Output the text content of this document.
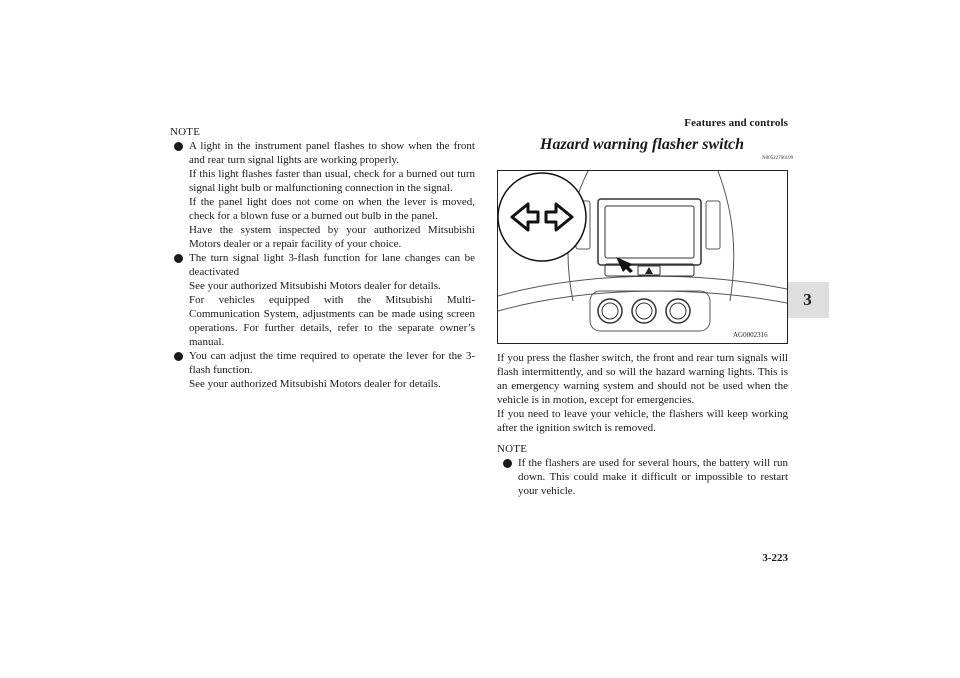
Features and controls
3
NOTE

A light in the instrument panel flashes to show when the front and rear turn signal lights are working properly.

If this light flashes faster than usual, check for a burned out turn signal light bulb or malfunctioning connection in the signal.

If the panel light does not come on when the lever is moved, check for a blown fuse or a burned out bulb in the panel.

Have the system inspected by your authorized Mitsubishi Motors dealer or a repair facility of your choice.

The turn signal light 3-flash function for lane changes can be deactivated

See your authorized Mitsubishi Motors dealer for details.

For vehicles equipped with the Mitsubishi Multi-Communication System, adjustments can be made using screen operations. For further details, refer to the separate owner’s manual.

You can adjust the time required to operate the lever for the 3-flash function.

See your authorized Mitsubishi Motors dealer for details.

Hazard warning flasher switch
N00522700199
AG0002316

If you press the flasher switch, the front and rear turn signals will flash intermittently, and so will the hazard warning lights. This is an emergency warning system and should not be used when the vehicle is in motion, except for emergencies.

If you need to leave your vehicle, the flashers will keep working after the ignition switch is removed.

NOTE

If the flashers are used for several hours, the battery will run down. This could make it difficult or impossible to restart your vehicle.

3-223
